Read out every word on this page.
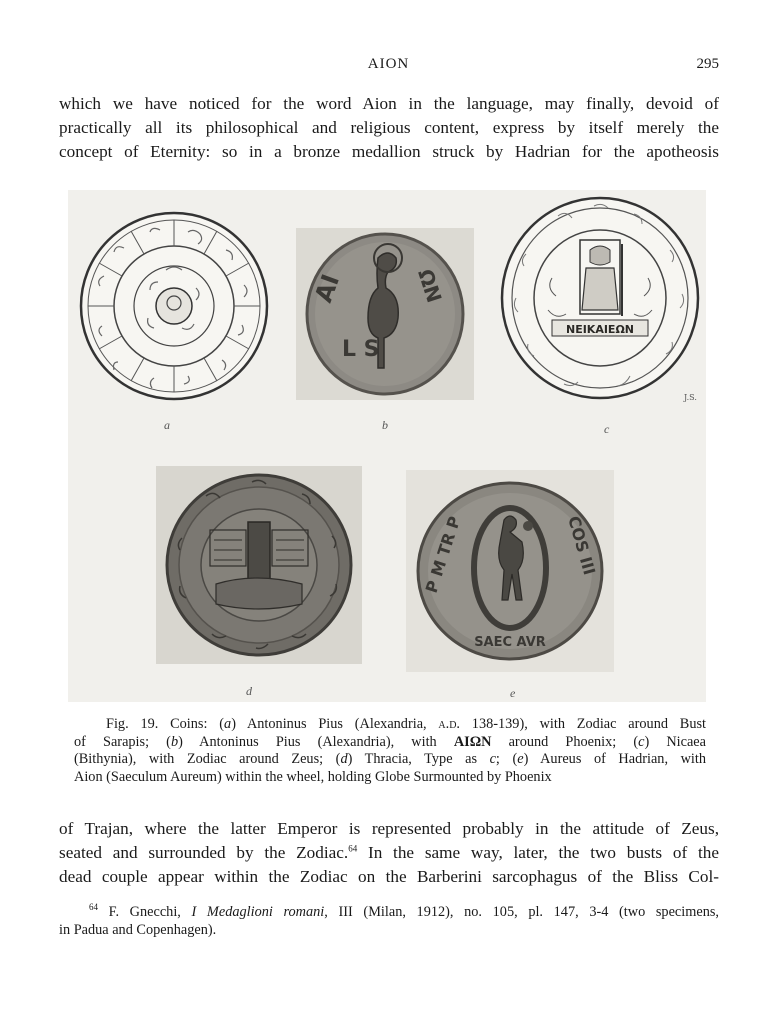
AION	295
which we have noticed for the word Aion in the language, may finally, devoid of
practically all its philosophical and religious content, express by itself merely the
concept of Eternity: so in a bronze medallion struck by Hadrian for the apotheosis
a
AI	ΩΝ
L S
b
NEIKAIEΩN
J.S.
c
d
P M TR P	COS III
SAEC AVR
e
Fig. 19. Coins: (a) Antoninus Pius (Alexandria, a.d. 138-139), with Zodiac around Bust
of Sarapis; (b) Antoninus Pius (Alexandria), with ΑΙΩΝ around Phoenix; (c) Nicaea
(Bithynia), with Zodiac around Zeus; (d) Thracia, Type as c; (e) Aureus of Hadrian, with
Aion (Saeculum Aureum) within the wheel, holding Globe Surmounted by Phoenix
of Trajan, where the latter Emperor is represented probably in the attitude of Zeus,
seated and surrounded by the Zodiac.$^{64}$ In the same way, later, the two busts of the
dead couple appear within the Zodiac on the Barberini sarcophagus of the Bliss Col-
$^{64}$ F. Gnecchi, I Medaglioni romani, III (Milan, 1912), no. 105, pl. 147, 3-4 (two specimens,
in Padua and Copenhagen).
